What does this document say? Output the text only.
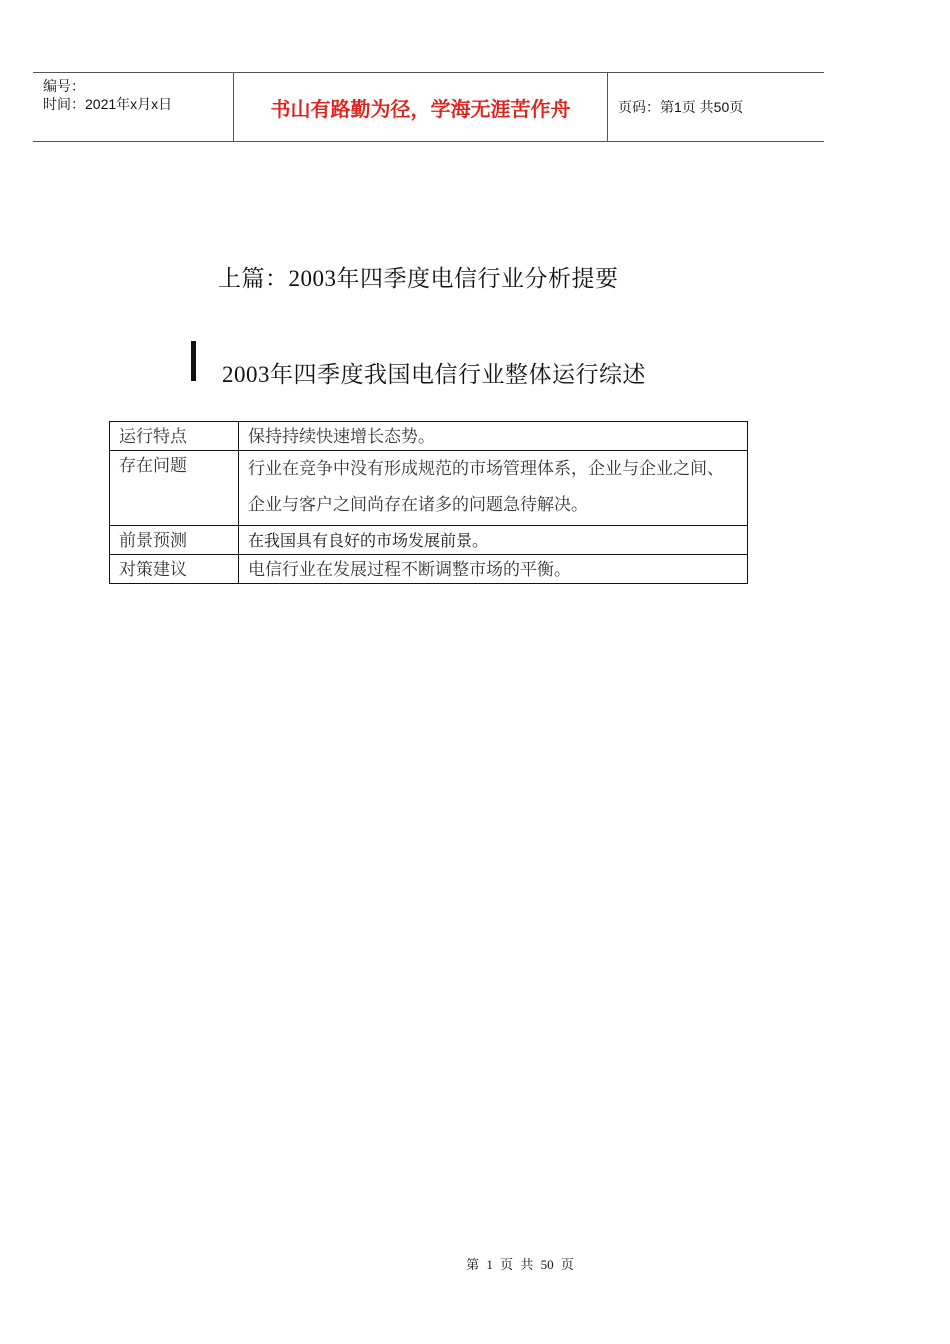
编号：
时间：2021年x月x日	书山有路勤为径，学海无涯苦作舟	页码：第1页 共50页
上篇：2003年四季度电信行业分析提要
2003年四季度我国电信行业整体运行综述
运行特点	保持持续快速增长态势。
存在问题	行业在竞争中没有形成规范的市场管理体系，企业与企业之间、企业与客户之间尚存在诸多的问题急待解决。
前景预测	在我国具有良好的市场发展前景。
对策建议	电信行业在发展过程不断调整市场的平衡。
第 1 页 共 50 页
